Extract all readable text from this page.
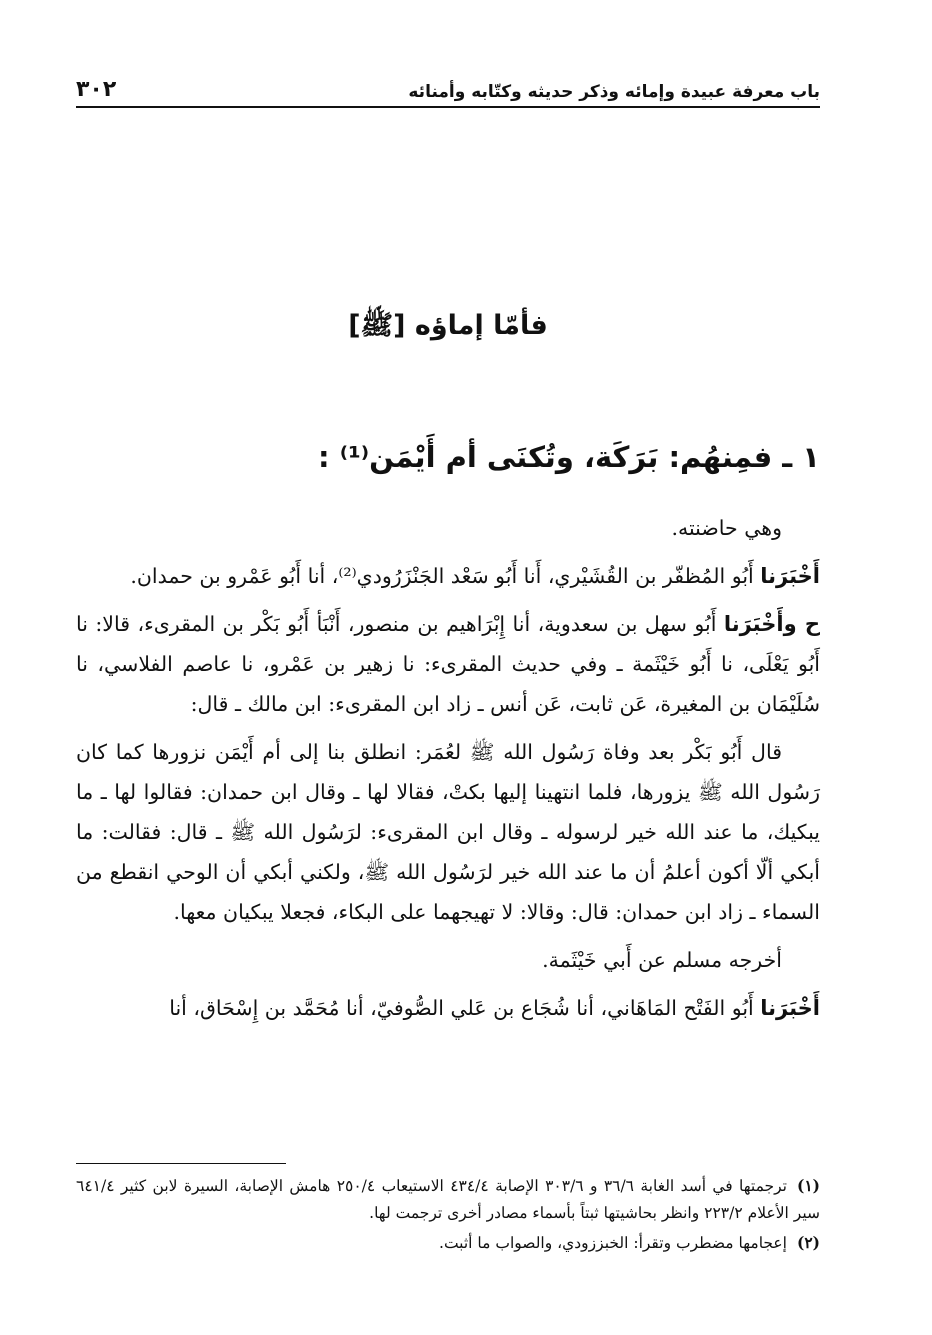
باب معرفة عبيدة وإمائه وذكر حديثه وكتّابه وأمنائه
٣٠٢
فأمّا إماؤه [ﷺ]
١ ـ فمِنهُم: بَرَكَة، وتُكنَى أم أَيْمَن⁽¹⁾ :

وهي حاضنته.

أَخْبَرَنا أَبُو المُظفّر بن القُشَيْري، أَنا أَبُو سَعْد الجَنْزَرُودي⁽²⁾، أنا أَبُو عَمْرو بن حمدان.

ح وأَخْبَرَنا أَبُو سهل بن سعدوية، أنا إِبْرَاهيم بن منصور، أَنْبَأ أَبُو بَكْر بن المقرىء، قالا: نا أَبُو يَعْلَى، نا أَبُو خَيْثَمة ـ وفي حديث المقرىء: نا زهير بن عَمْرو، نا عاصم الفلاسي، نا سُلَيْمَان بن المغيرة، عَن ثابت، عَن أنس ـ زاد ابن المقرىء: ابن مالك ـ قال:

قال أَبُو بَكْر بعد وفاة رَسُول الله ﷺ لعُمَر: انطلق بنا إلى أم أَيْمَن نزورها كما كان رَسُول الله ﷺ يزورها، فلما انتهينا إليها بكتْ، فقالا لها ـ وقال ابن حمدان: فقالوا لها ـ ما يبكيك، ما عند الله خير لرسوله ـ وقال ابن المقرىء: لرَسُول الله ﷺ ـ قال: فقالت: ما أبكي ألّا أكون أعلمُ أن ما عند الله خير لرَسُول الله ﷺ، ولكني أبكي أن الوحي انقطع من السماء ـ زاد ابن حمدان: قال: وقالا: لا تهيجهما على البكاء، فجعلا يبكيان معها.

أخرجه مسلم عن أَبي خَيْثَمة.

أَخْبَرَنا أَبُو الفَتْح المَاهَاني، أنا شُجَاع بن عَلي الصُّوفيّ، أنا مُحَمَّد بن إِسْحَاق، أنا

(١)ترجمتها في أسد الغابة ٣٦/٦ و ٣٠٣/٦ الإصابة ٤٣٤/٤ الاستيعاب ٢٥٠/٤ هامش الإصابة، السيرة لابن كثير ٦٤١/٤ سير الأعلام ٢٢٣/٢ وانظر بحاشيتها ثبتاً بأسماء مصادر أخرى ترجمت لها.

(٢)إعجامها مضطرب وتقرأ: الخبززودي، والصواب ما أثبت.
